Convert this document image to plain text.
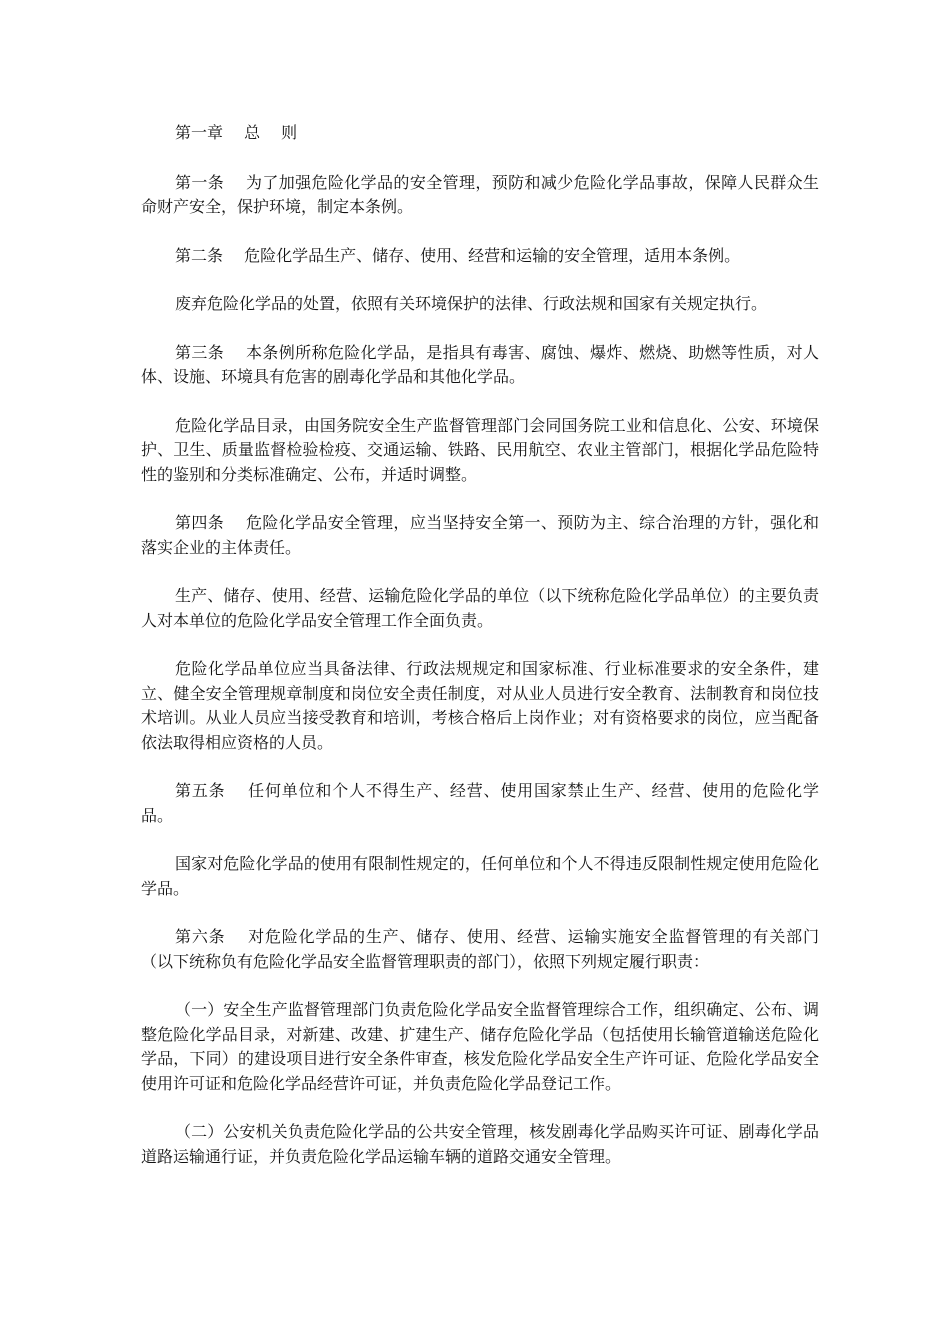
第一章　 总　 则

第一条　 为了加强危险化学品的安全管理，预防和减少危险化学品事故，保障人民群众生命财产安全，保护环境，制定本条例。

第二条　 危险化学品生产、储存、使用、经营和运输的安全管理，适用本条例。

废弃危险化学品的处置，依照有关环境保护的法律、行政法规和国家有关规定执行。

第三条　 本条例所称危险化学品，是指具有毒害、腐蚀、爆炸、燃烧、助燃等性质，对人体、设施、环境具有危害的剧毒化学品和其他化学品。

危险化学品目录，由国务院安全生产监督管理部门会同国务院工业和信息化、公安、环境保护、卫生、质量监督检验检疫、交通运输、铁路、民用航空、农业主管部门，根据化学品危险特性的鉴别和分类标准确定、公布，并适时调整。

第四条　 危险化学品安全管理，应当坚持安全第一、预防为主、综合治理的方针，强化和落实企业的主体责任。

生产、储存、使用、经营、运输危险化学品的单位（以下统称危险化学品单位）的主要负责人对本单位的危险化学品安全管理工作全面负责。

危险化学品单位应当具备法律、行政法规规定和国家标准、行业标准要求的安全条件，建立、健全安全管理规章制度和岗位安全责任制度，对从业人员进行安全教育、法制教育和岗位技术培训。从业人员应当接受教育和培训，考核合格后上岗作业；对有资格要求的岗位，应当配备依法取得相应资格的人员。

第五条　 任何单位和个人不得生产、经营、使用国家禁止生产、经营、使用的危险化学品。

国家对危险化学品的使用有限制性规定的，任何单位和个人不得违反限制性规定使用危险化学品。

第六条　 对危险化学品的生产、储存、使用、经营、运输实施安全监督管理的有关部门（以下统称负有危险化学品安全监督管理职责的部门），依照下列规定履行职责：

（一）安全生产监督管理部门负责危险化学品安全监督管理综合工作，组织确定、公布、调整危险化学品目录，对新建、改建、扩建生产、储存危险化学品（包括使用长输管道输送危险化学品，下同）的建设项目进行安全条件审查，核发危险化学品安全生产许可证、危险化学品安全使用许可证和危险化学品经营许可证，并负责危险化学品登记工作。

（二）公安机关负责危险化学品的公共安全管理，核发剧毒化学品购买许可证、剧毒化学品道路运输通行证，并负责危险化学品运输车辆的道路交通安全管理。
